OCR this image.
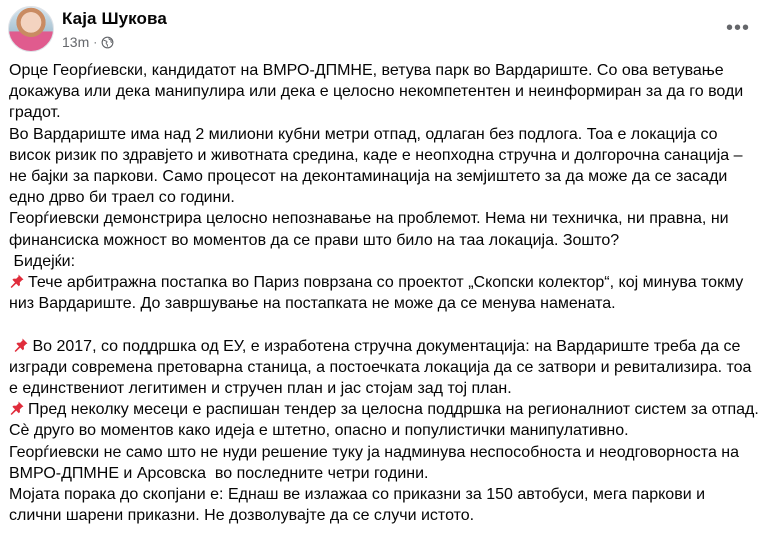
Каја Шукова
13m ·
•••

Орце Георѓиевски, кандидатот на ВМРО-ДПМНЕ, ветува парк во Вардариште. Со ова ветување докажува или дека манипулира или дека е целосно некомпетентен и неинформиран за да го води градот.

Во Вардариште има над 2 милиони кубни метри отпад, одлаган без подлога. Тоа е локација со висок ризик по здравјето и животната средина, каде е неопходна стручна и долгорочна санација – не бајки за паркови. Само процесот на деконтаминација на земјиштето за да може да се засади едно дрво би траел со години.

Георѓиевски демонстрира целосно непознавање на проблемот. Нема ни техничка, ни правна, ни финансиска можност во моментов да се прави што било на таа локација. Зошто?

Бидејќи:

Тече арбитражна постапка во Париз поврзана со проектот „Скопски колектор“, кој минува токму низ Вардариште. До завршување на постапката не може да се менува намената.

Во 2017, со поддршка од ЕУ, е изработена стручна документација: на Вардариште треба да се изгради современа претоварна станица, а постоечката локација да се затвори и ревитализира. тоа е единствениот легитимен и стручен план и јас стојам зад тој план.

Пред неколку месеци е распишан тендер за целосна поддршка на регионалниот систем за отпад. Сè друго во моментов како идеја е штетно, опасно и популистички манипулативно.

Георѓиевски не само што не нуди решение туку ја надминува неспособноста и неодговорноста на ВМРО-ДПМНЕ и Арсовска  во последните четри години.

Мојата порака до скопјани е: Еднаш ве излажаа со приказни за 150 автобуси, мега паркови и слични шарени приказни. Не дозволувајте да се случи истото.
